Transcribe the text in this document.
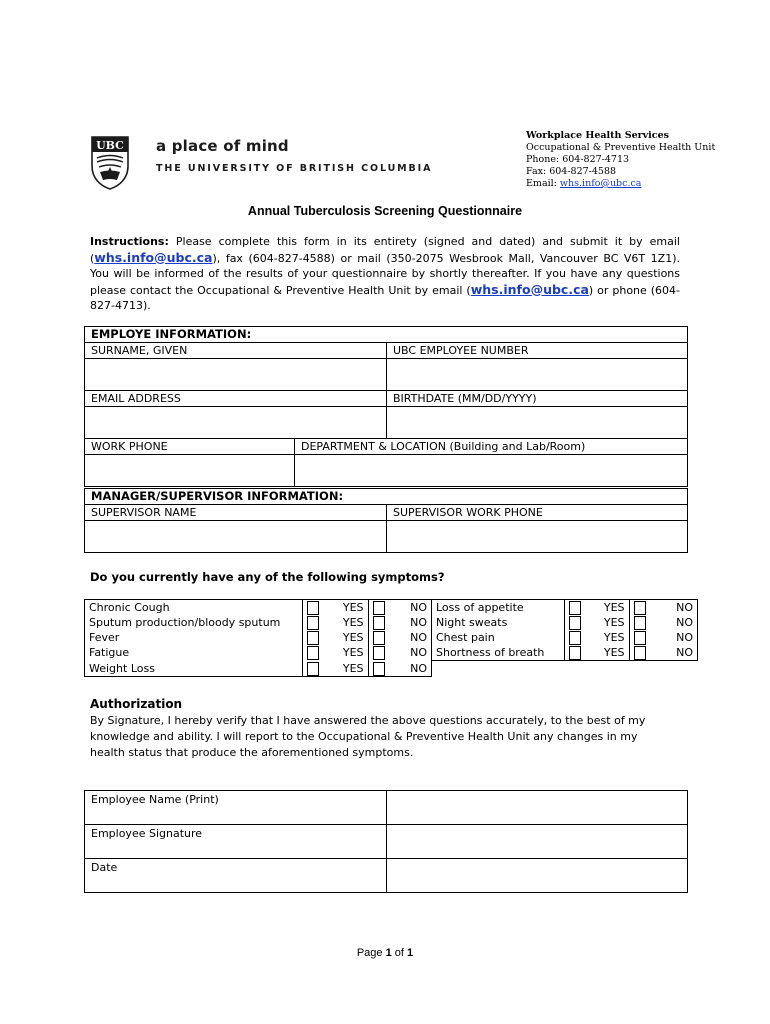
UBC a place of mind
THE UNIVERSITY OF BRITISH COLUMBIA
Workplace Health Services
Occupational & Preventive Health Unit
Phone: 604-827-4713
Fax: 604-827-4588
Email: whs.info@ubc.ca
Annual Tuberculosis Screening Questionnaire
Instructions: Please complete this form in its entirety (signed and dated) and submit it by email (whs.info@ubc.ca), fax (604-827-4588) or mail (350-2075 Wesbrook Mall, Vancouver BC V6T 1Z1). You will be informed of the results of your questionnaire by shortly thereafter. If you have any questions please contact the Occupational & Preventive Health Unit by email (whs.info@ubc.ca) or phone (604-827-4713).
EMPLOYE INFORMATION:		
SURNAME, GIVEN		UBC EMPLOYEE NUMBER

EMAIL ADDRESS		BIRTHDATE (MM/DD/YYYY)

WORK PHONE	DEPARTMENT & LOCATION (Building and Lab/Room)	

MANAGER/SUPERVISOR INFORMATION:	
SUPERVISOR NAME	SUPERVISOR WORK PHONE

Do you currently have any of the following symptoms?
Chronic Cough		YES		NO	Loss of appetite		YES		NO
Sputum production/bloody sputum		YES		NO	Night sweats		YES		NO
Fever		YES		NO	Chest pain		YES		NO
Fatigue		YES		NO	Shortness of breath		YES		NO
Weight Loss		YES		NO					
Authorization
By Signature, I hereby verify that I have answered the above questions accurately, to the best of my knowledge and ability. I will report to the Occupational & Preventive Health Unit any changes in my health status that produce the aforementioned symptoms.
Employee Name (Print)	
Employee Signature	
Date	
Page 1 of 1
